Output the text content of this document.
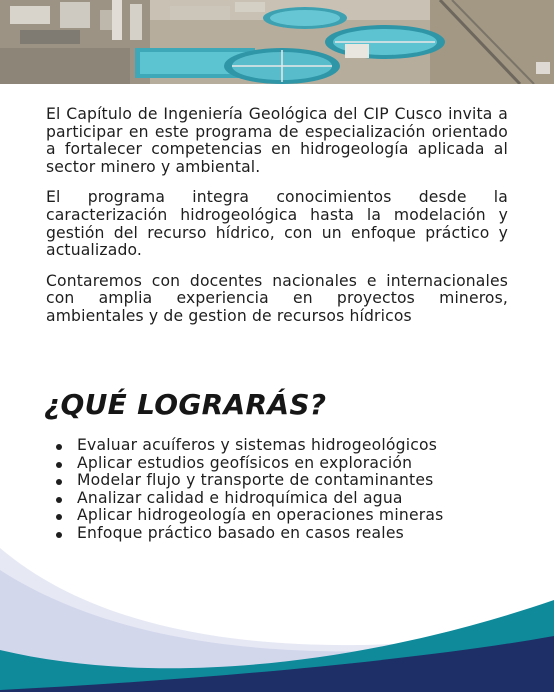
El Capítulo de Ingeniería Geológica del CIP Cusco invita a participar en este programa de especialización orientado a fortalecer competencias en hidrogeología aplicada al sector minero y ambiental.

El programa integra conocimientos desde la caracterización hidrogeológica hasta la modelación y gestión del recurso hídrico, con un enfoque práctico y actualizado.

Contaremos con docentes nacionales e internacionales con amplia experiencia en proyectos mineros, ambientales y de gestion de recursos hídricos

¿QUÉ LOGRARÁS?
Evaluar acuíferos y sistemas hidrogeológicos
Aplicar estudios geofísicos en exploración
Modelar flujo y transporte de contaminantes
Analizar calidad e hidroquímica del agua
Aplicar hidrogeología en operaciones mineras
Enfoque práctico basado en casos reales
